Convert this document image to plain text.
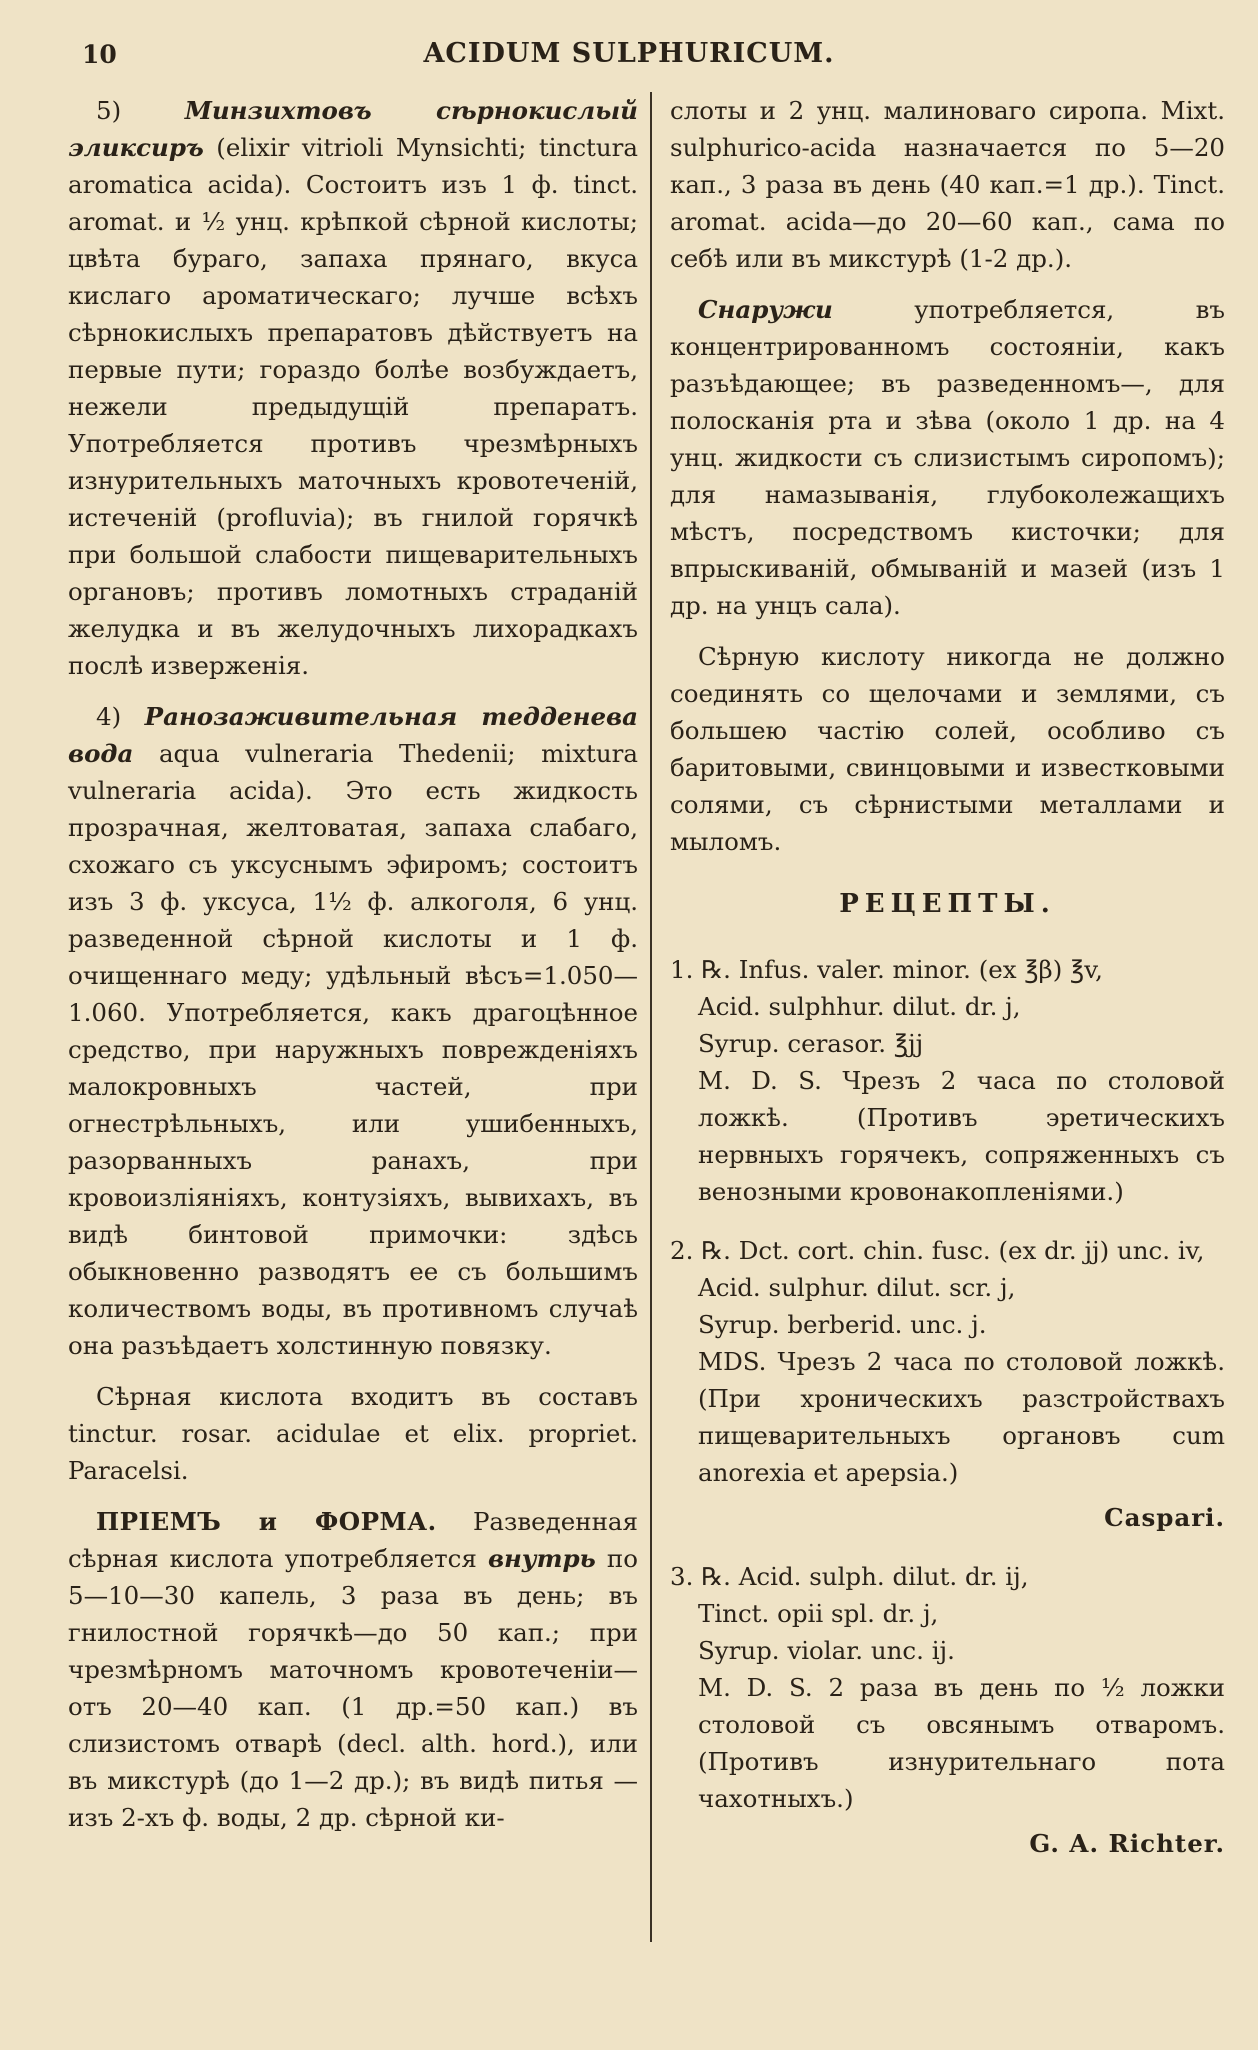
10	ACIDUM SULPHURICUM.

5)	Минзихтовъ сѣрнокислый эликсиръ (elixir vitrioli Mynsichti; tinctura aromatica acida). Состоитъ изъ 1 ф. tinct. aromat. и ½ унц. крѣпкой сѣрной кислоты; цвѣта бураго, запаха прянаго, вкуса кислаго ароматическаго; лучше всѣхъ сѣрнокислыхъ препаратовъ дѣйствуетъ на первые пути; гораздо болѣе возбуждаетъ, нежели предыдущій препаратъ. Употребляется противъ чрезмѣрныхъ изнурительныхъ маточныхъ кровотеченій, истеченій (profluvia); въ гнилой горячкѣ при большой слабости пищеварительныхъ органовъ; противъ ломотныхъ страданій желудка и въ желудочныхъ лихорадкахъ послѣ изверженія.

4) Ранозаживительная тедденева вода aqua vulneraria Thedenii; mixtura vulneraria acida). Это есть жидкость прозрачная, желтоватая, запаха слабаго, схожаго съ уксуснымъ эфиромъ; состоитъ изъ 3 ф. уксуса, 1½ ф. алкоголя, 6 унц. разведенной сѣрной кислоты и 1 ф. очищеннаго меду; удѣльный вѣсъ=1.050—1.060. Употребляется, какъ драгоцѣнное средство, при наружныхъ поврежденіяхъ малокровныхъ частей, при огнестрѣльныхъ, или ушибенныхъ, разорванныхъ ранахъ, при кровоизліяніяхъ, контузіяхъ, вывихахъ, въ видѣ бинтовой примочки: здѣсь обыкновенно разводятъ ее съ большимъ количествомъ воды, въ противномъ случаѣ она разъѣдаетъ холстинную повязку.

Сѣрная кислота входитъ въ составъ tinctur. rosar. acidulae et elix. propriet. Paracelsi.

ПРІЕМЪ и ФОРМА. Разведенная сѣрная кислота употребляется внутрь по 5—10—30 капель, 3 раза въ день; въ гнилостной горячкѣ—до 50 кап.; при чрезмѣрномъ маточномъ кровотеченіи—отъ 20—40 кап. (1 др.=50 кап.) въ слизистомъ отварѣ (decl. alth. hord.), или въ микстурѣ (до 1—2 др.); въ видѣ питья —изъ 2-хъ ф. воды, 2 др. сѣрной ки-

слоты и 2 унц. малиноваго сиропа. Mixt. sulphurico-acida назначается по 5—20 кап., 3 раза въ день (40 кап.=1 др.). Tinct. aromat. acida—до 20—60 кап., сама по себѣ или въ микстурѣ (1-2 др.).

Снаружи	употребляется, въ концентрированномъ состояніи, какъ разъѣдающее; въ разведенномъ—, для полосканія рта и зѣва (около 1 др. на 4 унц. жидкости съ слизистымъ сиропомъ); для намазыванія, глубоколежащихъ мѣстъ, посредствомъ кисточки; для впрыскиваній, обмываній и мазей (изъ 1 др. на унцъ сала).

Сѣрную кислоту никогда не должно соединять со щелочами и землями, съ большею частію солей, особливо съ баритовыми, свинцовыми и известковыми солями, съ сѣрнистыми металлами и мыломъ.

РЕЦЕПТЫ.
1. ℞. Infus. valer. minor. (ex ℥β) ℥v,
Acid. sulphhur. dilut. dr. j,
Syrup. cerasor. ℥jj
M. D. S. Чрезъ 2 часа по столовой ложкѣ. (Противъ эретическихъ нервныхъ горячекъ, сопряженныхъ съ венозными кровонакопленіями.)
2. ℞. Dct. cort. chin. fusc. (ex dr. jj) unc. iv,
Acid. sulphur. dilut. scr. j,
Syrup. berberid. unc. j.
MDS. Чрезъ 2 часа по столовой ложкѣ. (При хроническихъ разстройствахъ пищеварительныхъ органовъ cum anorexia et apepsia.)
Caspari.
3. ℞. Acid. sulph. dilut. dr. ij,
Tinct. opii spl. dr. j,
Syrup. violar. unc. ij.
M. D. S. 2 раза въ день по ½ ложки столовой съ овсянымъ отваромъ. (Противъ изнурительнаго пота чахотныхъ.)
G. A. Richter.
